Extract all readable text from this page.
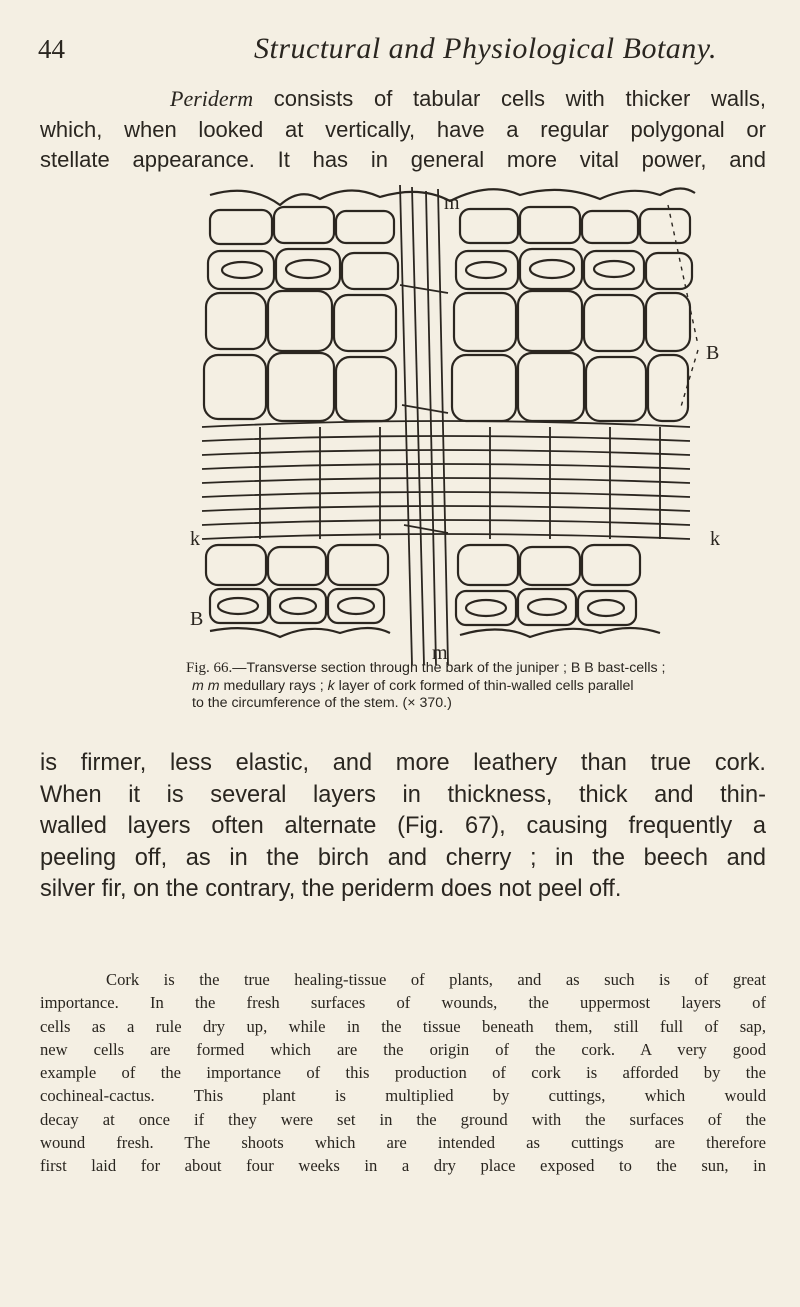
44	Structural and Physiological Botany.

Periderm consists of tabular cells with thicker walls,
which, when looked at vertically, have a regular polygonal or
stellate appearance. It has in general more vital power, and

m
m
B
B
k	k
Fig. 66.—Transverse section through the bark of the juniper ; B B bast-cells ;
m m medullary rays ; k layer of cork formed of thin-walled cells parallel
to the circumference of the stem. (× 370.)

is firmer, less elastic, and more leathery than true cork.
When it is several layers in thickness, thick and thin-
walled layers often alternate (Fig. 67), causing frequently a
peeling off, as in the birch and cherry ; in the beech and
silver fir, on the contrary, the periderm does not peel off.

Cork is the true healing-tissue of plants, and as such is of great
importance. In the fresh surfaces of wounds, the uppermost layers of
cells as a rule dry up, while in the tissue beneath them, still full of sap,
new cells are formed which are the origin of the cork. A very good
example of the importance of this production of cork is afforded by the
cochineal-cactus. This plant is multiplied by cuttings, which would
decay at once if they were set in the ground with the surfaces of the
wound fresh. The shoots which are intended as cuttings are therefore
first laid for about four weeks in a dry place exposed to the sun, in
